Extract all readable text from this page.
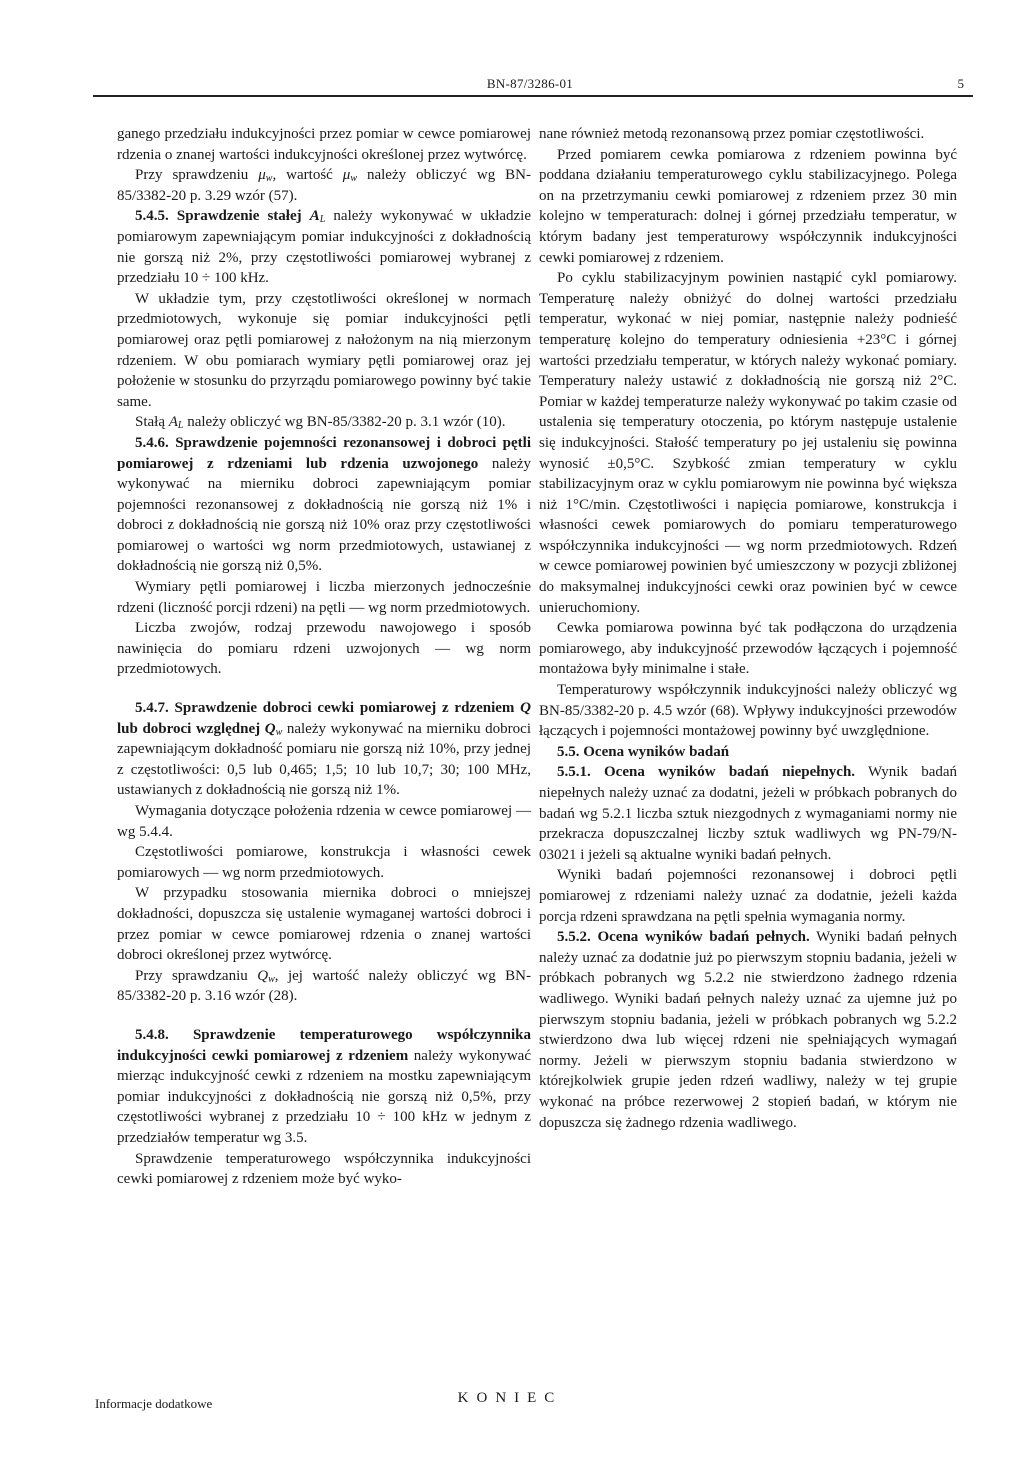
BN-87/3286-01	5

ganego przedziału indukcyjności przez pomiar w cewce pomiarowej rdzenia o znanej wartości indukcyjności określonej przez wytwórcę.

Przy sprawdzeniu $\mu_w$, wartość $\mu_w$ należy obliczyć wg BN-85/3382-20 p. 3.29 wzór (57).

5.4.5. Sprawdzenie stałej $A_L$ należy wykonywać w układzie pomiarowym zapewniającym pomiar indukcyjności z dokładnością nie gorszą niż 2%, przy częstotliwości pomiarowej wybranej z przedziału 10 ÷ 100 kHz.

W układzie tym, przy częstotliwości określonej w normach przedmiotowych, wykonuje się pomiar indukcyjności pętli pomiarowej oraz pętli pomiarowej z nałożonym na nią mierzonym rdzeniem. W obu pomiarach wymiary pętli pomiarowej oraz jej położenie w stosunku do przyrządu pomiarowego powinny być takie same.

Stałą $A_L$ należy obliczyć wg BN-85/3382-20 p. 3.1 wzór (10).

5.4.6. Sprawdzenie pojemności rezonansowej i dobroci pętli pomiarowej z rdzeniami lub rdzenia uzwojonego należy wykonywać na mierniku dobroci zapewniającym pomiar pojemności rezonansowej z dokładnością nie gorszą niż 1% i dobroci z dokładnością nie gorszą niż 10% oraz przy częstotliwości pomiarowej o wartości wg norm przedmiotowych, ustawianej z dokładnością nie gorszą niż 0,5%.

Wymiary pętli pomiarowej i liczba mierzonych jednocześnie rdzeni (liczność porcji rdzeni) na pętli — wg norm przedmiotowych.

Liczba zwojów, rodzaj przewodu nawojowego i sposób nawinięcia do pomiaru rdzeni uzwojonych — wg norm przedmiotowych.

5.4.7. Sprawdzenie dobroci cewki pomiarowej z rdzeniem Q lub dobroci względnej $Q_w$ należy wykonywać na mierniku dobroci zapewniającym dokładność pomiaru nie gorszą niż 10%, przy jednej z częstotliwości: 0,5 lub 0,465; 1,5; 10 lub 10,7; 30; 100 MHz, ustawianych z dokładnością nie gorszą niż 1%.

Wymagania dotyczące położenia rdzenia w cewce pomiarowej — wg 5.4.4.

Częstotliwości pomiarowe, konstrukcja i własności cewek pomiarowych — wg norm przedmiotowych.

W przypadku stosowania miernika dobroci o mniejszej dokładności, dopuszcza się ustalenie wymaganej wartości dobroci i przez pomiar w cewce pomiarowej rdzenia o znanej wartości dobroci określonej przez wytwórcę.

Przy sprawdzaniu $Q_w$, jej wartość należy obliczyć wg BN-85/3382-20 p. 3.16 wzór (28).

5.4.8. Sprawdzenie temperaturowego współczynnika indukcyjności cewki pomiarowej z rdzeniem należy wykonywać mierząc indukcyjność cewki z rdzeniem na mostku zapewniającym pomiar indukcyjności z dokładnością nie gorszą niż 0,5%, przy częstotliwości wybranej z przedziału 10 ÷ 100 kHz w jednym z przedziałów temperatur wg 3.5.

Sprawdzenie temperaturowego współczynnika indukcyjności cewki pomiarowej z rdzeniem może być wyko-

nane również metodą rezonansową przez pomiar częstotliwości.

Przed pomiarem cewka pomiarowa z rdzeniem powinna być poddana działaniu temperaturowego cyklu stabilizacyjnego. Polega on na przetrzymaniu cewki pomiarowej z rdzeniem przez 30 min kolejno w temperaturach: dolnej i górnej przedziału temperatur, w którym badany jest temperaturowy współczynnik indukcyjności cewki pomiarowej z rdzeniem.

Po cyklu stabilizacyjnym powinien nastąpić cykl pomiarowy. Temperaturę należy obniżyć do dolnej wartości przedziału temperatur, wykonać w niej pomiar, następnie należy podnieść temperaturę kolejno do temperatury odniesienia +23°C i górnej wartości przedziału temperatur, w których należy wykonać pomiary. Temperatury należy ustawić z dokładnością nie gorszą niż 2°C. Pomiar w każdej temperaturze należy wykonywać po takim czasie od ustalenia się temperatury otoczenia, po którym następuje ustalenie się indukcyjności. Stałość temperatury po jej ustaleniu się powinna wynosić ±0,5°C. Szybkość zmian temperatury w cyklu stabilizacyjnym oraz w cyklu pomiarowym nie powinna być większa niż 1°C/min. Częstotliwości i napięcia pomiarowe, konstrukcja i własności cewek pomiarowych do pomiaru temperaturowego współczynnika indukcyjności — wg norm przedmiotowych. Rdzeń w cewce pomiarowej powinien być umieszczony w pozycji zbliżonej do maksymalnej indukcyjności cewki oraz powinien być w cewce unieruchomiony.

Cewka pomiarowa powinna być tak podłączona do urządzenia pomiarowego, aby indukcyjność przewodów łączących i pojemność montażowa były minimalne i stałe.

Temperaturowy współczynnik indukcyjności należy obliczyć wg BN-85/3382-20 p. 4.5 wzór (68). Wpływy indukcyjności przewodów łączących i pojemności montażowej powinny być uwzględnione.

5.5. Ocena wyników badań

5.5.1. Ocena wyników badań niepełnych. Wynik badań niepełnych należy uznać za dodatni, jeżeli w próbkach pobranych do badań wg 5.2.1 liczba sztuk niezgodnych z wymaganiami normy nie przekracza dopuszczalnej liczby sztuk wadliwych wg PN-79/N-03021 i jeżeli są aktualne wyniki badań pełnych.

Wyniki badań pojemności rezonansowej i dobroci pętli pomiarowej z rdzeniami należy uznać za dodatnie, jeżeli każda porcja rdzeni sprawdzana na pętli spełnia wymagania normy.

5.5.2. Ocena wyników badań pełnych. Wyniki badań pełnych należy uznać za dodatnie już po pierwszym stopniu badania, jeżeli w próbkach pobranych wg 5.2.2 nie stwierdzono żadnego rdzenia wadliwego. Wyniki badań pełnych należy uznać za ujemne już po pierwszym stopniu badania, jeżeli w próbkach pobranych wg 5.2.2 stwierdzono dwa lub więcej rdzeni nie spełniających wymagań normy. Jeżeli w pierwszym stopniu badania stwierdzono w którejkolwiek grupie jeden rdzeń wadliwy, należy w tej grupie wykonać na próbce rezerwowej 2 stopień badań, w którym nie dopuszcza się żadnego rdzenia wadliwego.

KONIEC
Informacje dodatkowe
